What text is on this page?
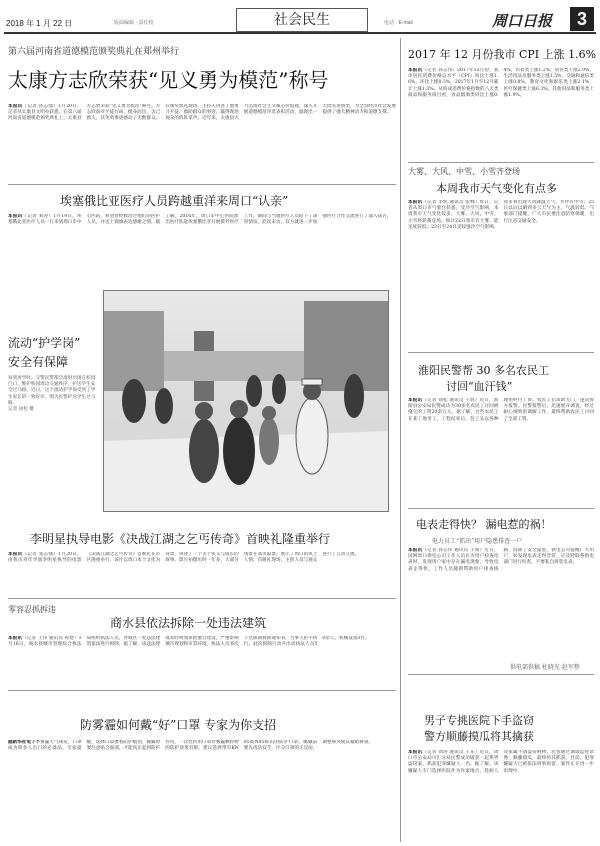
2018 年 1 月 22 日	版面编辑 · 责任校	社会民生	电话 · E-mail	周口日报	3
第六届河南省道德模范颁奖典礼在郑州举行
太康方志欣荣获“见义勇为模范”称号
本报讯（记者 孙志强）1月20日，记者从太康县文明办获悉，在第六届河南省道德模范颁奖典礼上，太康县方志欣荣获“见义勇为模范”称号。方志欣面对歹徒行凶，挺身而出，舍己救人，其英勇事迹感动了无数群众。在颁奖典礼现场，主持人讲述了他勇斗歹徒、救助群众的事迹，赢得现场观众的阵阵掌声。近年来，太康县大力弘扬社会主义核心价值观，深入开展道德模范评选表彰活动，涌现出一大批先进典型，为全县经济社会发展提供了强大精神动力和道德支撑。
埃塞俄比亚医疗人员跨越重洋来周口“认亲”
本报讯（记者 刘涛）1月19日，埃塞俄比亚医疗人员一行来到周口市中心医院，看望曾经救治过他们的医护人员，并送上锦旗表达感谢之情。据了解，2016年，周口市中心医院派出医疗队赴埃塞俄比亚开展援外医疗工作，期间与当地医疗人员结下了深厚情谊。此次来访，双方就进一步加强医疗合作交流进行了深入探讨。
流动“护学岗”
安全有保障
每到放学时，交警民警都会准时出现在校园门口，维护校园周边交通秩序，护送学生安全过马路。近日，这个流动护学岗受到了学生家长的一致好评。图为民警护送学生过马路。
记者 徐松 摄
李明星执导电影《决战江湖之乞丐传奇》首映礼隆重举行
本报讯（记者 张志强）1月20日，由我市青年导演李明星执导的电影《决战江湖之乞丐传奇》首映礼在市区隆重举行。该片以周口本土文化为背景，讲述了一个关于侠义与成长的故事。影片拍摄历时一年多，大部分场景在我市取景，展示了周口的风土人情。首映礼现场，主创人员与观众进行了互动交流。
零容忍抓拆违
商水县依法拆除一处违法建筑
本报讯（记者 王伟 通讯员 孙建）1月16日，商水县城市管理综合执法局组织执法人员，对城区一处违法建筑依法进行拆除。据了解，该违法建筑未经规划审批擅自建设，严重影响城市规划和市容环境。执法人员多次下达限期拆除通知书，当事人拒不执行。此次拆除行动共出动执法人员50余人，机械设备3台。
防雾霾如何戴“好”口罩 专家为你支招
据新华社电冬季雾霾天气频发，口罩成为很多人出门的必备品。专家提醒，选择口罩要看防护级别，佩戴时要注意贴合面部，才能真正起到防护作用。一次性医用口罩对雾霾颗粒物的防护效果有限，建议选择带有KN95或N95标识的防护口罩。佩戴前要先清洁双手，区分口罩的正反面，调整鼻夹使其紧贴鼻梁。
2017 年 12 月份我市 CPI 上涨 1.6%
本报讯（记者 孙志伟）2017年12月份，我市居民消费价格总水平（CPI）同比上涨1.6%，环比上涨0.3%。2017年1月至12月累计上涨1.3%。从构成消费价格指数的八大类商品和服务项目看，食品烟酒类同比上涨0.4%，衣着类上涨1.2%，居住类上涨2.9%，生活用品及服务类上涨1.5%，交通和通信类上涨0.8%，教育文化和娱乐类上涨2.1%，医疗保健类上涨6.3%，其他用品和服务类上涨1.9%。
大雾、大风、中雪、小雪齐登场
本周我市天气变化有点多
本报讯（记者 李凯 通讯员 张峰）昨日，记者从周口市气象台获悉，受冷空气影响，本周我市天气变化较多，大雾、大风、中雪、小雪将轮番登场。预计22日我市有大雾，能见度较低；23日至24日受较强冷空气影响，我市将出现大风降温天气，并伴有中雪；25日以后以晴到多云天气为主，气温较低。气象部门提醒，广大市民要注意防寒保暖，出行注意交通安全。
淮阳民警帮 30 多名农民工
讨回“血汗钱”
本报讯（记者 徐松 通讯员 王辉）近日，淮阳县公安局民警成功为30多名农民工讨回被拖欠的工资20余万元。据了解，这些农民工在某工地务工，工程结束后，包工头以各种理由拒付工资。农民工们求助无门，遂向警方报警。民警接警后，迅速展开调查，经过耐心细致的调解工作，最终帮助农民工讨回了全部工资。
电表走得快？ 漏电惹的祸！
电力员工“抓出”用户隐患排查一户
本报讯（记者 孙志伟 通讯员 王娟）近日，国网周口供电公司工作人员在为用户检查电表时，发现用户家中存在漏电现象，导致电表走得快。工作人员随即帮助用户排查线路，消除了安全隐患。供电公司提醒广大用户，如发现电表走得异常，应及时联系供电部门进行检查，不要私自拆装电表。
供电部供稿 杜晓光 赵军整
男子专挑医院下手盗窃
警方顺藤摸瓜将其擒获
本报讯（记者 刘涛 通讯员 王东）近日，周口市公安局川汇分局民警成功破获一起系列盗窃案，抓获犯罪嫌疑人一名。据了解，该嫌疑人专门选择医院作为作案地点，趁病人及家属不备盗窃财物。民警通过调取监控录像，顺藤摸瓜，最终将其抓获。目前，犯罪嫌疑人已被依法刑事拘留，案件正在进一步审理中。
